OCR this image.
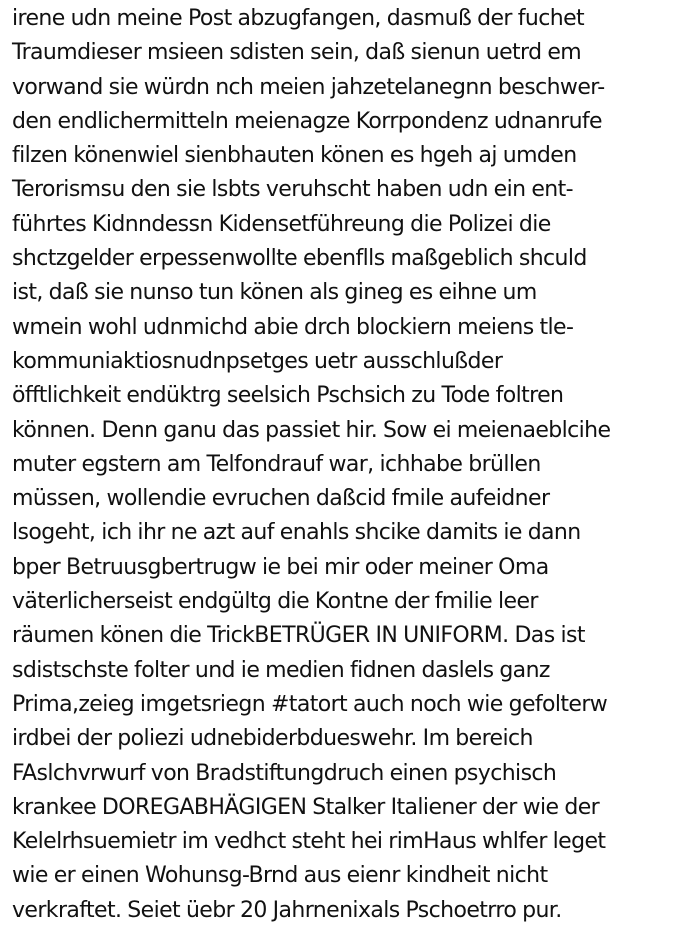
irene udn meine Post abzugfangen, dasmuß der fuchet
Traumdieser msieen sdisten sein, daß sienun uetrd em
vorwand sie würdn nch meien jahzetelanegnn beschwer-
den endlichermitteln meienagze Korrpondenz udnanrufe
filzen könenwiel sienbhauten könen es hgeh aj umden
Terorismsu den sie lsbts veruhscht haben udn ein ent-
führtes Kidnndessn Kidensetführeung die Polizei die
shctzgelder erpessenwollte ebenflls maßgeblich shculd
ist, daß sie nunso tun könen als gineg es eihne um
wmein wohl udnmichd abie drch blockiern meiens tle-
kommuniaktiosnudnpsetges uetr ausschlußder
öfftlichkeit endüktrg seelsich Pschsich zu Tode foltren
können. Denn ganu das passiet hir. Sow ei meienaeblcihe
muter egstern am Telfondrauf war, ichhabe brüllen
müssen, wollendie evruchen daßcid fmile aufeidner
lsogeht, ich ihr ne azt auf enahls shcike damits ie dann
bper Betruusgbertrugw ie bei mir oder meiner Oma
väterlicherseist endgültg die Kontne der fmilie leer
räumen könen die TrickBETRÜGER IN UNIFORM. Das ist
sdistschste folter und ie medien fidnen daslels ganz
Prima,zeieg imgetsriegn #tatort auch noch wie gefolterw
irdbei der poliezi udnebiderbdueswehr. Im bereich
FAslchvrwurf von Bradstiftungdruch einen psychisch
krankee DOREGABHÄGIGEN Stalker Italiener der wie der
Kelelrhsuemietr im vedhct steht hei rimHaus whlfer leget
wie er einen Wohunsg-Brnd aus eienr kindheit nicht
verkraftet. Seiet üebr 20 Jahrnenixals Pschoetrro pur.
